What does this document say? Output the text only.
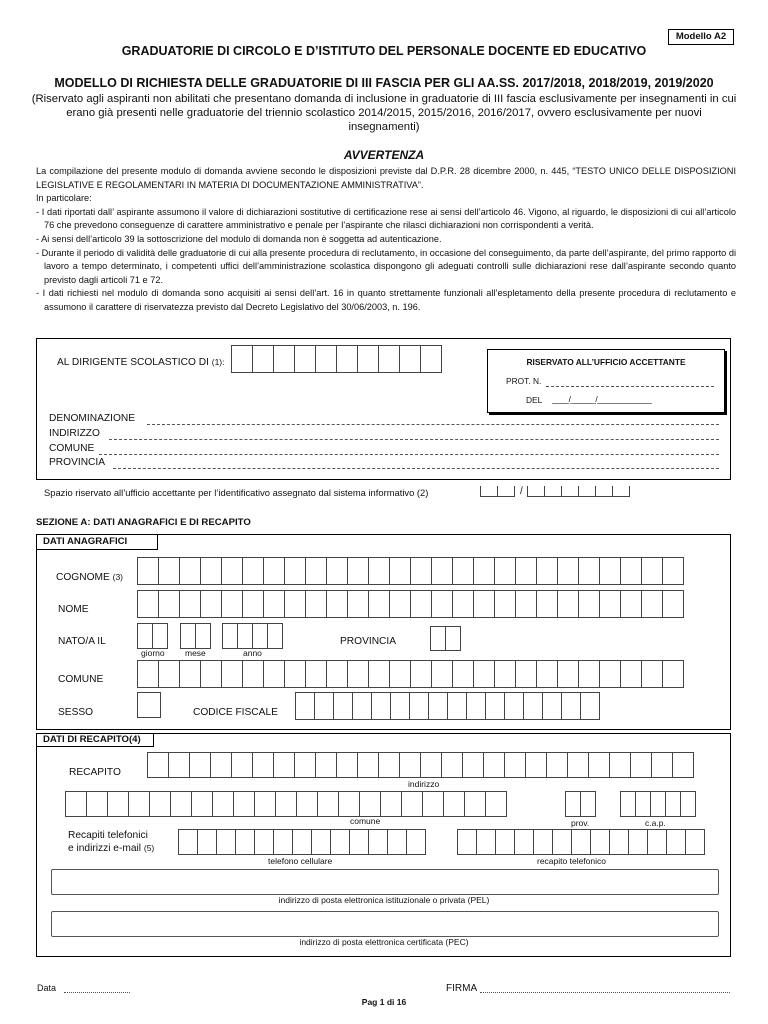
Modello A2
GRADUATORIE DI CIRCOLO E D’ISTITUTO DEL PERSONALE DOCENTE ED EDUCATIVO
MODELLO DI RICHIESTA DELLE GRADUATORIE DI III FASCIA PER GLI AA.SS. 2017/2018, 2018/2019, 2019/2020
(Riservato agli aspiranti non abilitati che presentano domanda di inclusione in graduatorie di III fascia esclusivamente per insegnamenti in cui erano già presenti nelle graduatorie del triennio scolastico 2014/2015, 2015/2016, 2016/2017, ovvero esclusivamente per nuovi insegnamenti)
AVVERTENZA

La compilazione del presente modulo di domanda avviene secondo le disposizioni previste dal D.P.R. 28 dicembre 2000, n. 445, “TESTO UNICO DELLE DISPOSIZIONI LEGISLATIVE E REGOLAMENTARI IN MATERIA DI DOCUMENTAZIONE AMMINISTRATIVA”.

In particolare:

- I dati riportati dall’ aspirante assumono il valore di dichiarazioni sostitutive di certificazione rese ai sensi dell’articolo 46. Vigono, al riguardo, le disposizioni di cui all’articolo 76 che prevedono conseguenze di carattere amministrativo e penale per l’aspirante che rilasci dichiarazioni non corrispondenti a verità.

- Ai sensi dell’articolo 39 la sottoscrizione del modulo di domanda non è soggetta ad autenticazione.

- Durante il periodo di validità delle graduatorie di cui alla presente procedura di reclutamento, in occasione del conseguimento, da parte dell’aspirante, del primo rapporto di lavoro a tempo determinato, i competenti uffici dell’amministrazione scolastica dispongono gli adeguati controlli sulle dichiarazioni rese dall’aspirante secondo quanto previsto dagli articoli 71 e 72.

- I dati richiesti nel modulo di domanda sono acquisiti ai sensi dell’art. 16 in quanto strettamente funzionali all’espletamento della presente procedura di reclutamento e assumono il carattere di riservatezza previsto dal Decreto Legislativo del 30/06/2003, n. 196.

AL DIRIGENTE SCOLASTICO DI (1):	RISERVATO ALL’UFFICIO ACCETTANTE
PROT. N.
DEL ____/______/_____________
DENOMINAZIONE
INDIRIZZO
COMUNE
PROVINCIA
Spazio riservato all’ufficio accettante per l’identificativo assegnato dal sistema informativo (2)	/
SEZIONE A: DATI ANAGRAFICI E DI RECAPITO
DATI ANAGRAFICI
COGNOME (3)
NOME
NATO/A IL
giorno mese	anno
PROVINCIA
COMUNE
SESSO	CODICE FISCALE
DATI DI RECAPITO(4)
RECAPITO
indirizzo
comune	prov.	c.a.p.
Recapiti telefonici
e indirizzi e-mail (5)
telefono cellulare	recapito telefonico
indirizzo di posta elettronica istituzionale o privata (PEL)
indirizzo di posta elettronica certificata (PEC)
Data	FIRMA
Pag 1 di 16
